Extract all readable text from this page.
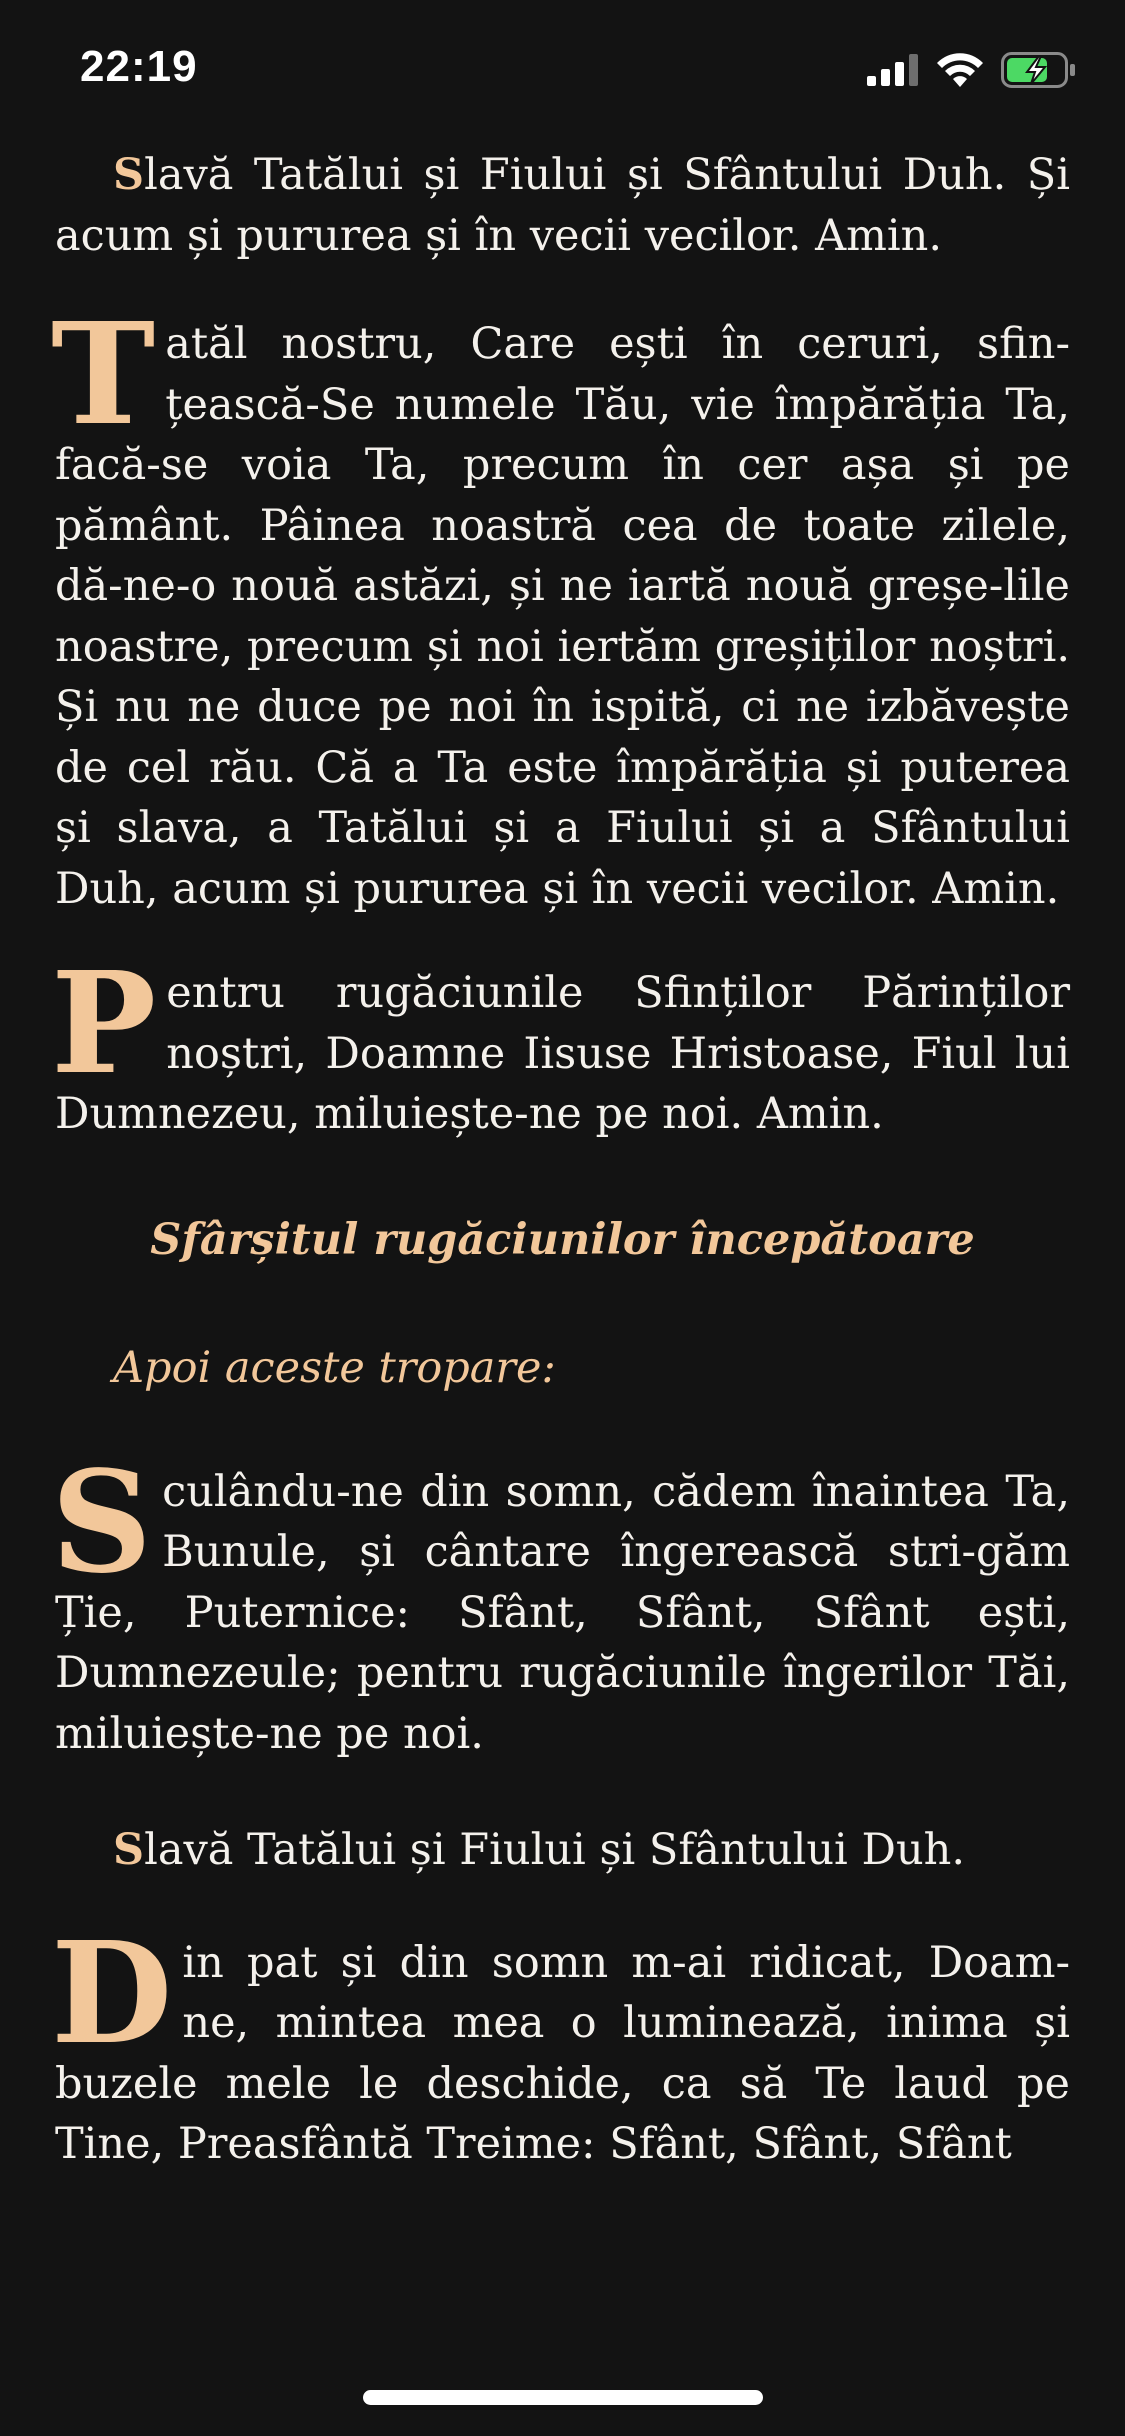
22:19

Slavă Tatălui și Fiului și Sfântului Duh. Și acum și pururea și în vecii vecilor. Amin.

Tatăl nostru, Care ești în ceruri, sfin-țească-Se numele Tău, vie împărăția Ta, facă-se voia Ta, precum în cer așa și pe pământ. Pâinea noastră cea de toate zilele, dă-ne-o nouă astăzi, și ne iartă nouă greșe-lile noastre, precum și noi iertăm greșiților noștri. Și nu ne duce pe noi în ispită, ci ne izbăvește de cel rău. Că a Ta este împărăția și puterea și slava, a Tatălui și a Fiului și a Sfântului Duh, acum și pururea și în vecii vecilor. Amin.

Pentru rugăciunile Sfinților Părinților noștri, Doamne Iisuse Hristoase, Fiul lui Dumnezeu, miluiește-ne pe noi. Amin.

Sfârșitul rugăciunilor începătoare

Apoi aceste tropare:

Sculându-ne din somn, cădem înaintea Ta, Bunule, și cântare îngerească stri-găm Ție, Puternice: Sfânt, Sfânt, Sfânt ești, Dumnezeule; pentru rugăciunile îngerilor Tăi, miluiește-ne pe noi.

Slavă Tatălui și Fiului și Sfântului Duh.

Din pat și din somn m-ai ridicat, Doam-ne, mintea mea o luminează, inima și buzele mele le deschide, ca să Te laud pe Tine, Preasfântă Treime: Sfânt, Sfânt, Sfânt
